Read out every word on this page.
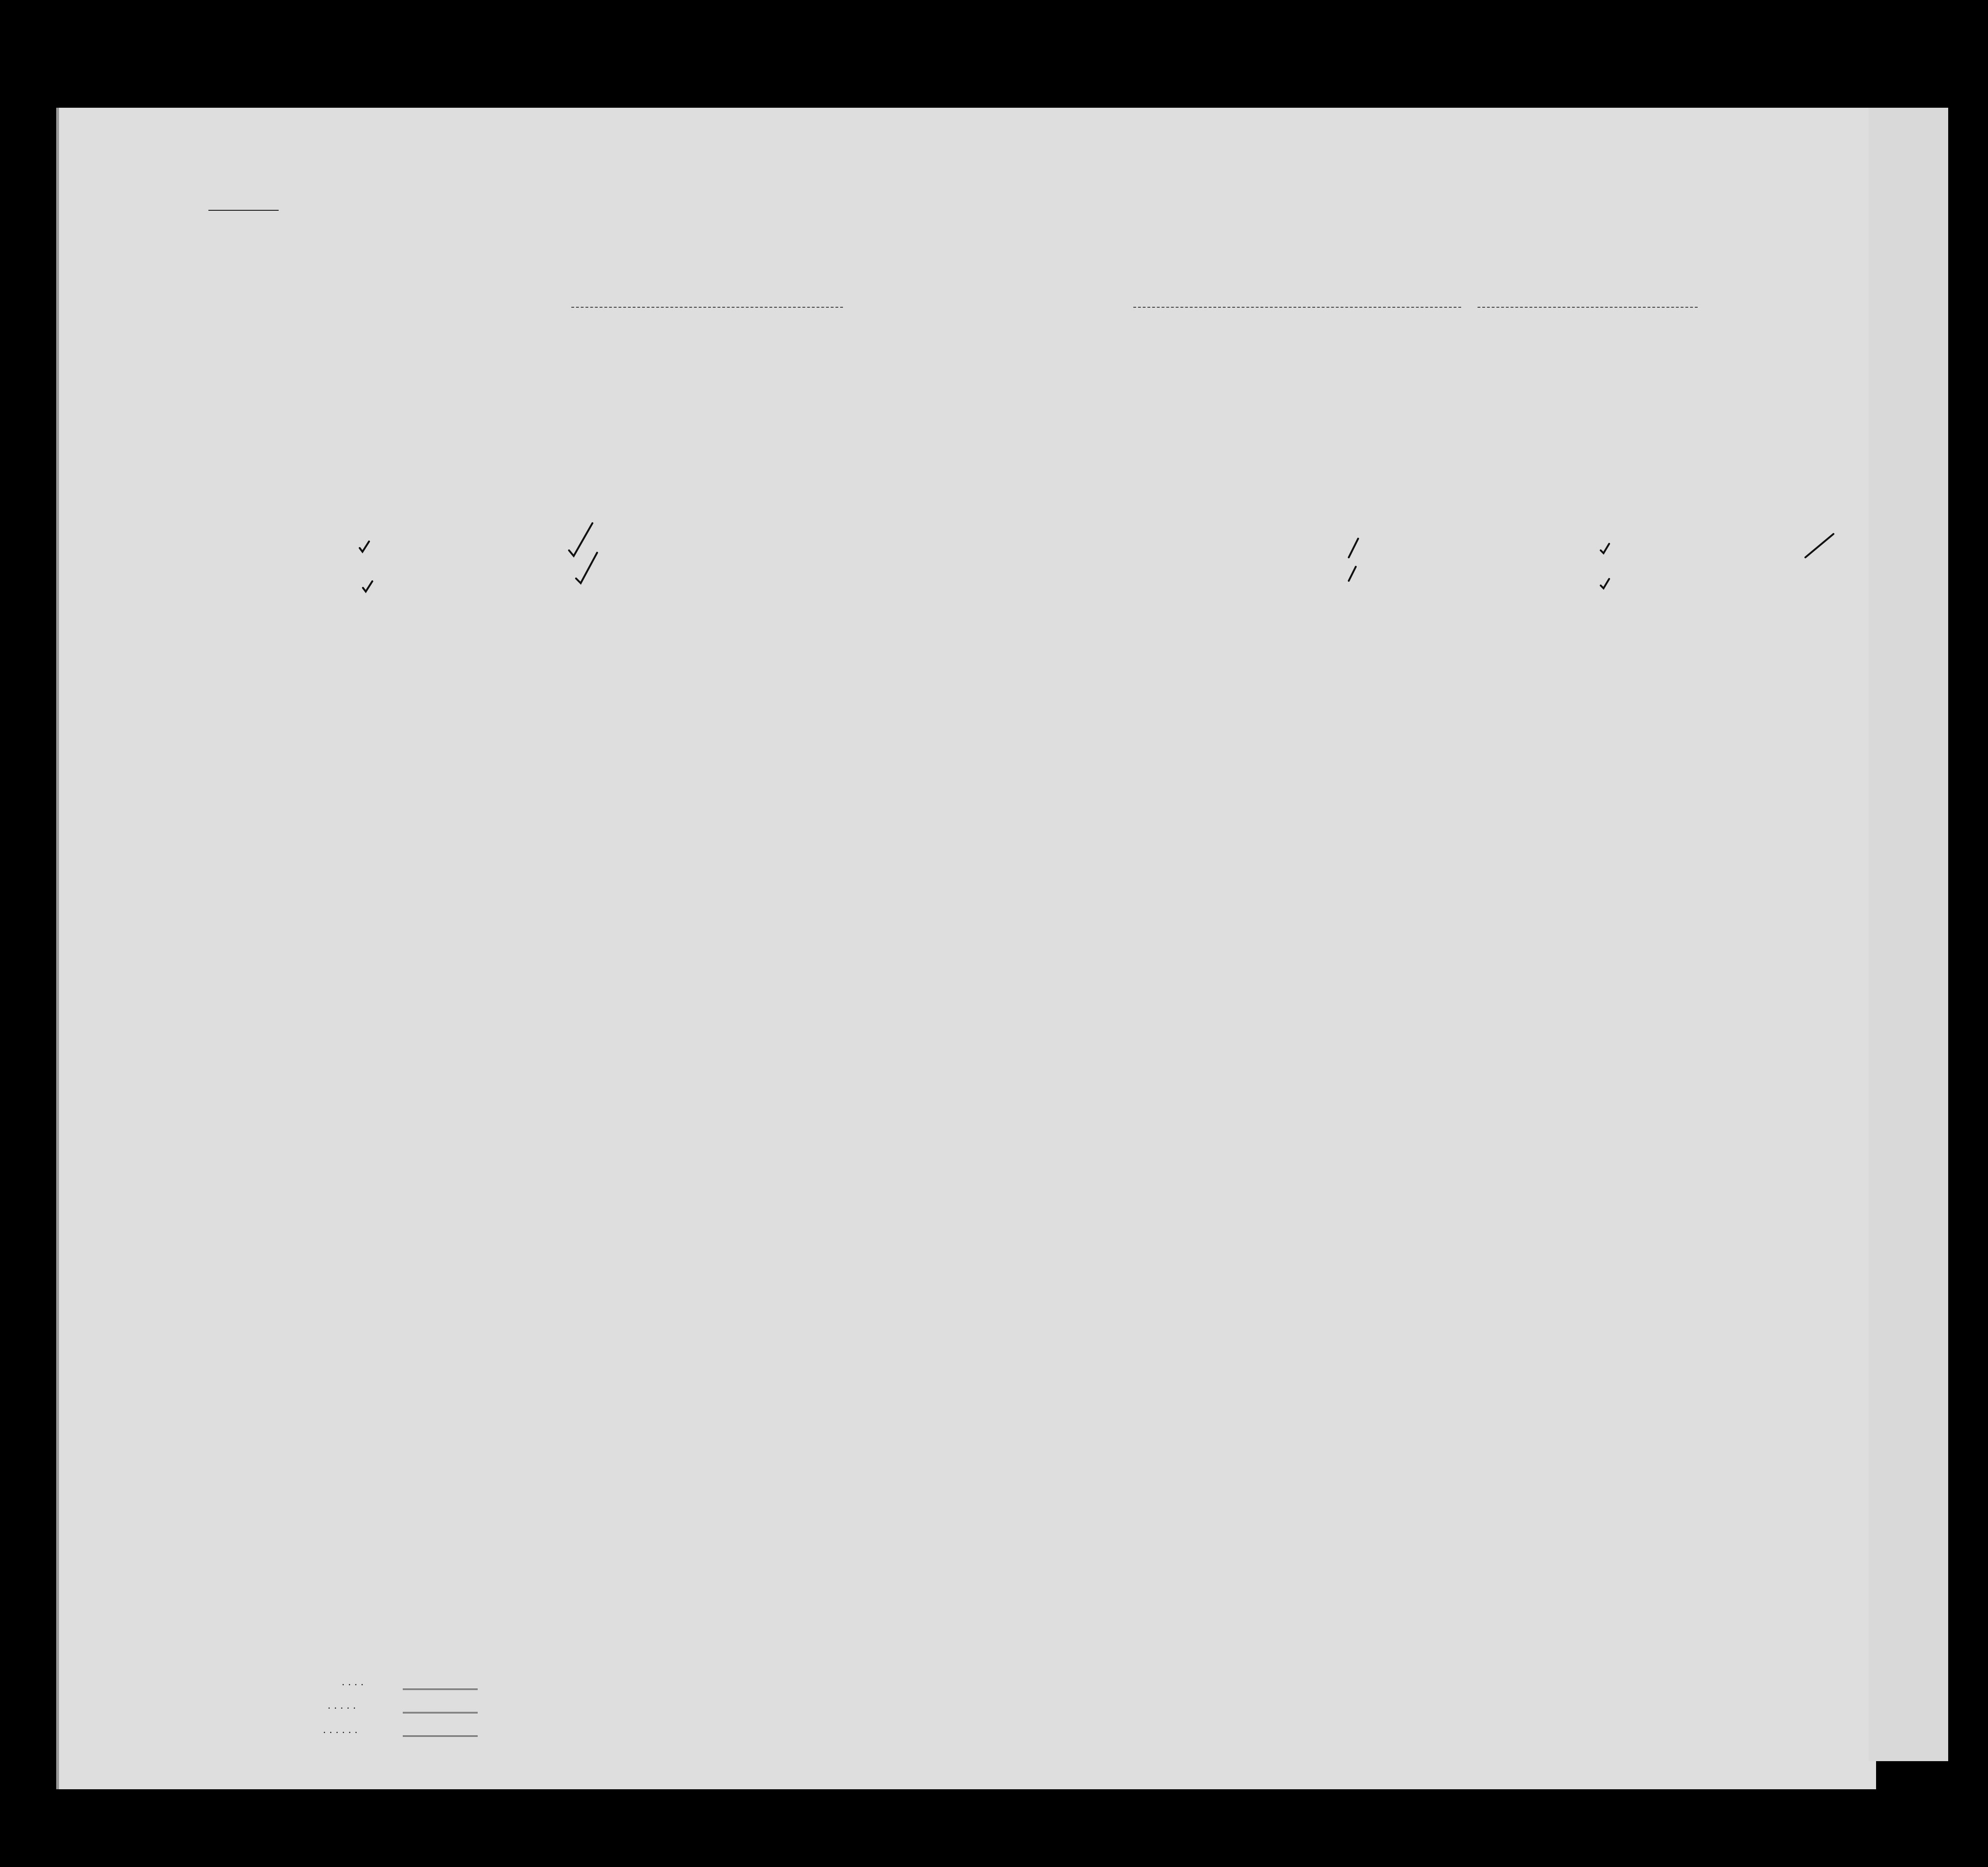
....
.....
......
